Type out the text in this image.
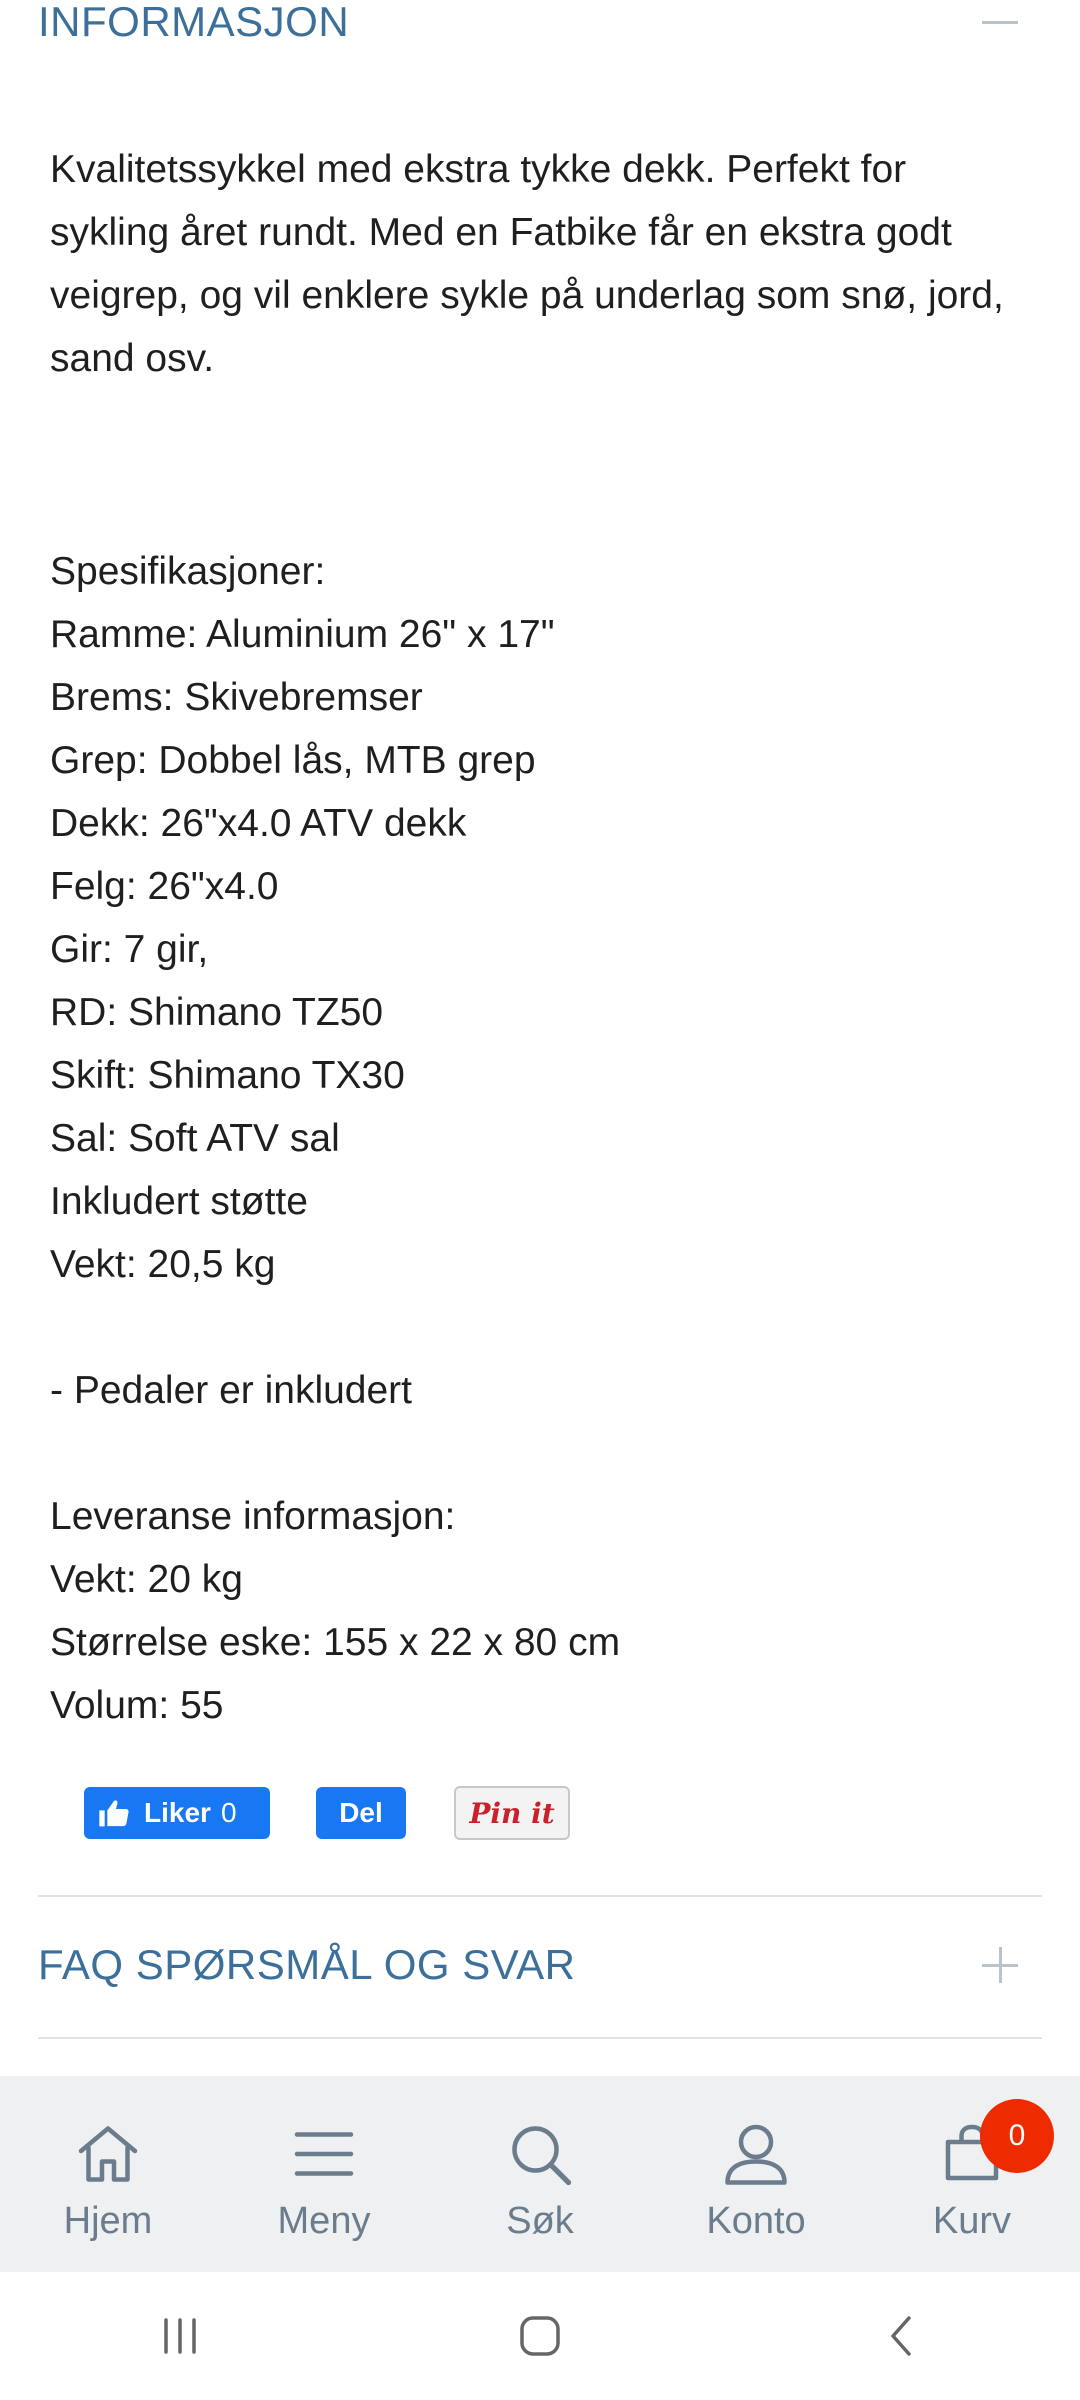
INFORMASJON
Kvalitetssykkel med ekstra tykke dekk. Perfekt for sykling året rundt. Med en Fatbike får en ekstra godt veigrep, og vil enklere sykle på underlag som snø, jord, sand osv.
Spesifikasjoner:
Ramme: Aluminium 26" x 17"
Brems: Skivebremser
Grep: Dobbel lås, MTB grep
Dekk: 26"x4.0 ATV dekk
Felg: 26"x4.0
Gir: 7 gir,
RD: Shimano TZ50
Skift: Shimano TX30
Sal: Soft ATV sal
Inkludert støtte
Vekt: 20,5 kg
- Pedaler er inkludert
Leveranse informasjon:
Vekt: 20 kg
Størrelse eske: 155 x 22 x 80 cm
Volum: 55
Liker 0	Del	Pin it
FAQ SPØRSMÅL OG SVAR
Hjem	Meny	Søk	Konto	Kurv
0
